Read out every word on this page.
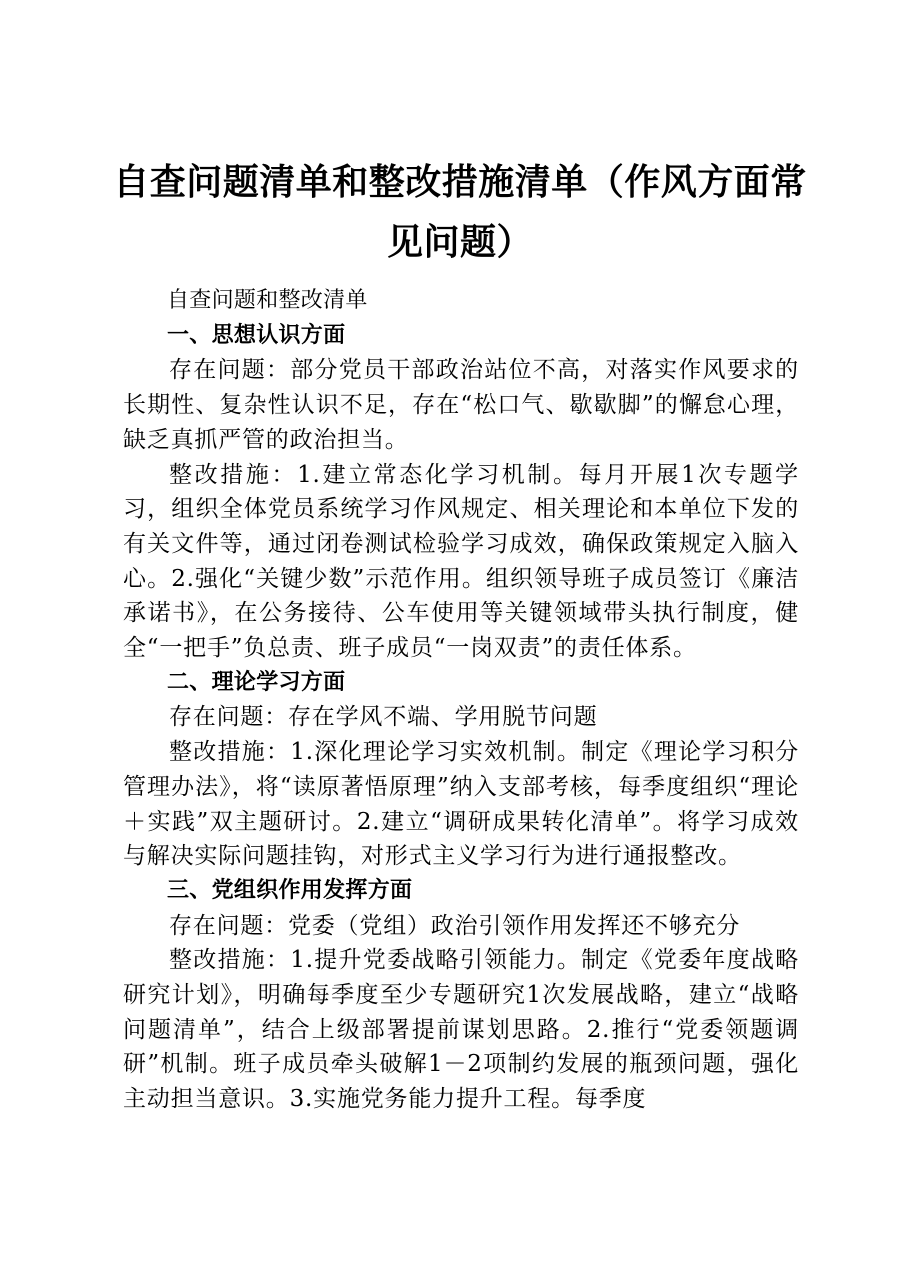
自查问题清单和整改措施清单（作风方面常见问题）

自查问题和整改清单

一、思想认识方面

存在问题：部分党员干部政治站位不高，对落实作风要求的长期性、复杂性认识不足，存在“松口气、歇歇脚”的懈怠心理，缺乏真抓严管的政治担当。

整改措施：1.建立常态化学习机制。每月开展1次专题学习，组织全体党员系统学习作风规定、相关理论和本单位下发的有关文件等，通过闭卷测试检验学习成效，确保政策规定入脑入心。2.强化“关键少数”示范作用。组织领导班子成员签订《廉洁承诺书》，在公务接待、公车使用等关键领域带头执行制度，健全“一把手”负总责、班子成员“一岗双责”的责任体系。

二、理论学习方面

存在问题：存在学风不端、学用脱节问题

整改措施：1.深化理论学习实效机制。制定《理论学习积分管理办法》，将“读原著悟原理”纳入支部考核，每季度组织“理论＋实践”双主题研讨。2.建立“调研成果转化清单”。将学习成效与解决实际问题挂钩，对形式主义学习行为进行通报整改。

三、党组织作用发挥方面

存在问题：党委（党组）政治引领作用发挥还不够充分

整改措施：1.提升党委战略引领能力。制定《党委年度战略研究计划》，明确每季度至少专题研究1次发展战略，建立“战略问题清单”，结合上级部署提前谋划思路。2.推行“党委领题调研”机制。班子成员牵头破解1－2项制约发展的瓶颈问题，强化主动担当意识。3.实施党务能力提升工程。每季度
